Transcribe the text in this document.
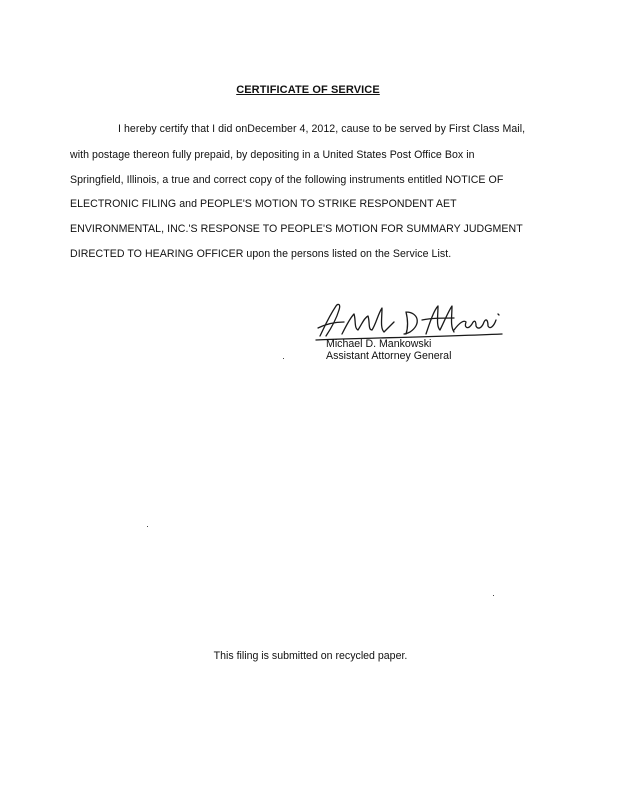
CERTIFICATE OF SERVICE
I hereby certify that I did onDecember 4, 2012, cause to be served by First Class Mail,
with postage thereon fully prepaid, by depositing in a United States Post Office Box in
Springfield, Illinois, a true and correct copy of the following instruments entitled NOTICE OF
ELECTRONIC FILING and PEOPLE'S MOTION TO STRIKE RESPONDENT AET
ENVIRONMENTAL, INC.'S RESPONSE TO PEOPLE'S MOTION FOR SUMMARY JUDGMENT
DIRECTED TO HEARING OFFICER upon the persons listed on the Service List.
Michael D. Mankowski
Assistant Attorney General
This filing is submitted on recycled paper.
